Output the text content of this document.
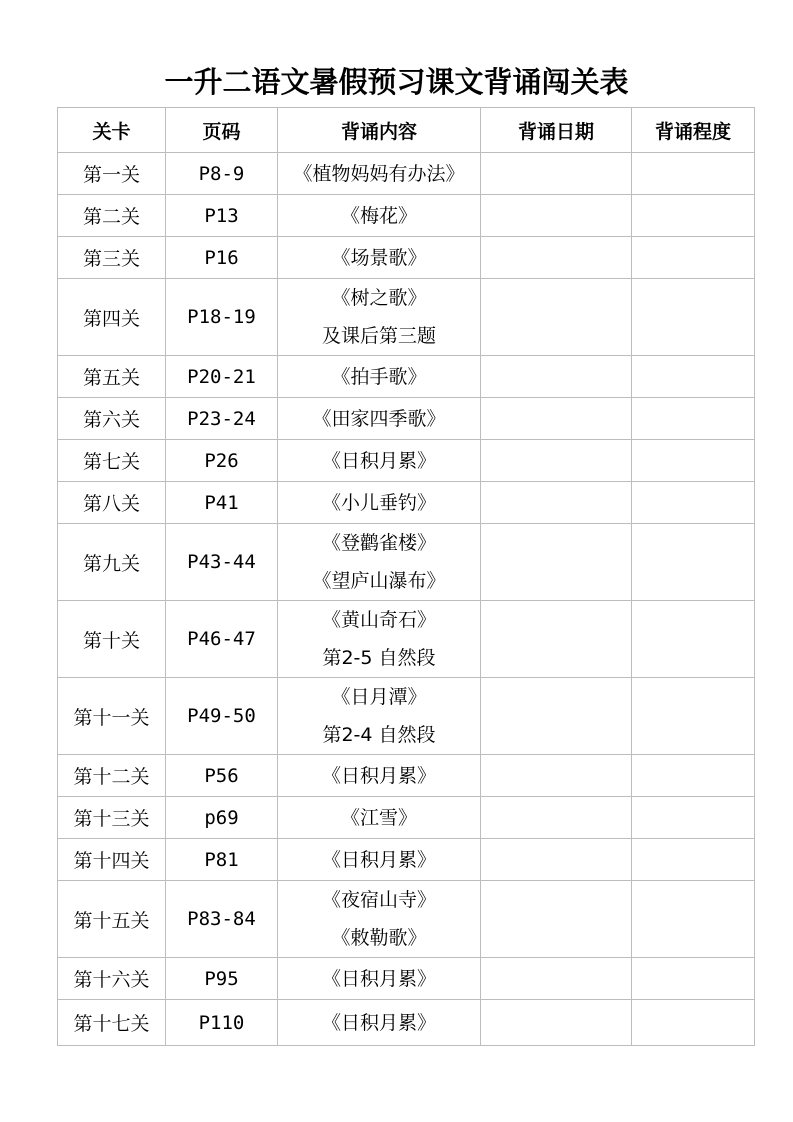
一升二语文暑假预习课文背诵闯关表
关卡	页码	背诵内容	背诵日期	背诵程度
第一关	P8-9	《植物妈妈有办法》		

第二关	P13	《梅花》		

第三关	P16	《场景歌》		

第四关	P18-19	《树之歌》
及课后第三题		

第五关	P20-21	《拍手歌》		

第六关	P23-24	《田家四季歌》		

第七关	P26	《日积月累》		

第八关	P41	《小儿垂钓》		

第九关	P43-44	《登鹳雀楼》
《望庐山瀑布》		

第十关	P46-47	《黄山奇石》
第2-5 自然段		

第十一关	P49-50	《日月潭》
第2-4 自然段		

第十二关	P56	《日积月累》		

第十三关	p69	《江雪》		

第十四关	P81	《日积月累》		

第十五关	P83-84	《夜宿山寺》
《敕勒歌》		

第十六关	P95	《日积月累》		

第十七关	P110	《日积月累》		
